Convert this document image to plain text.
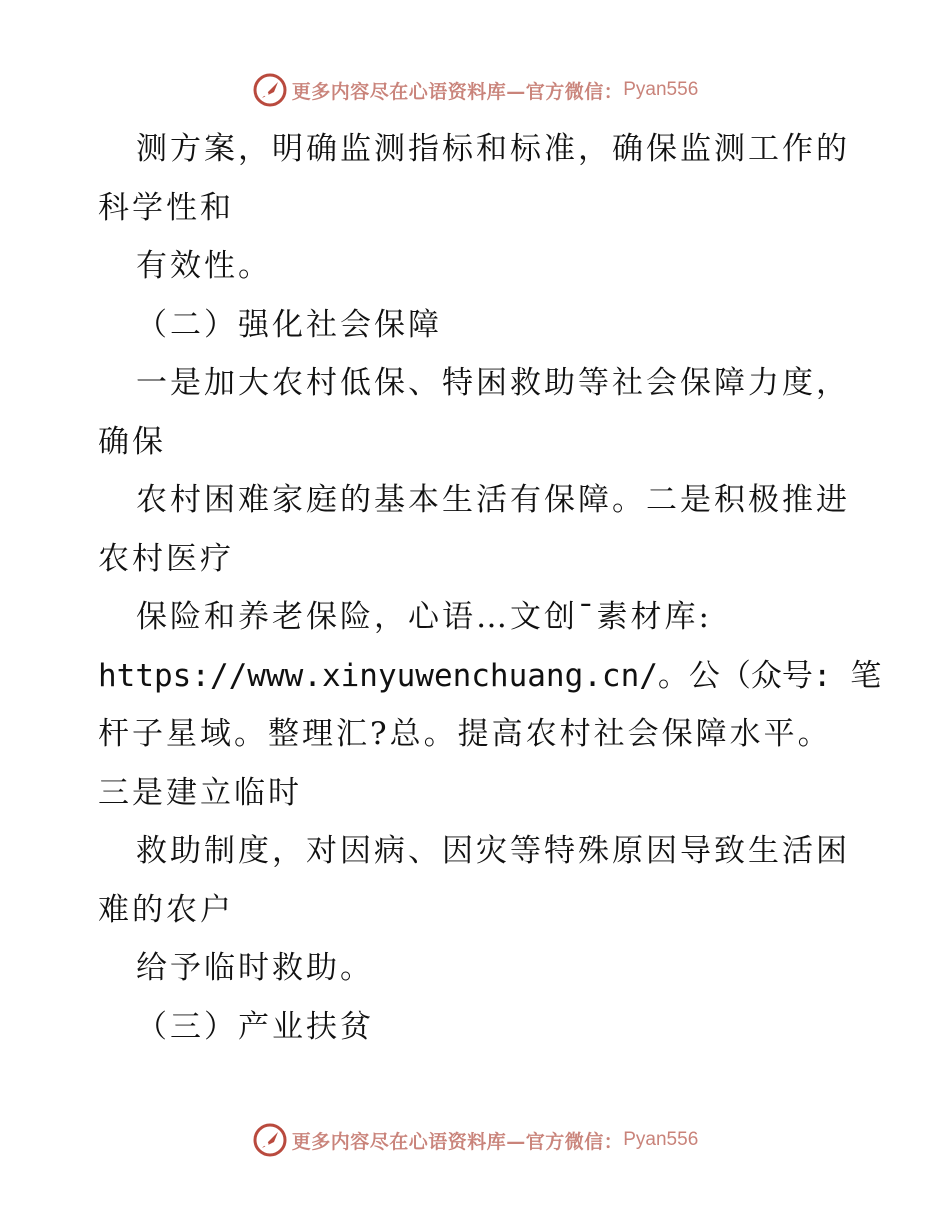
更多内容尽在心语资料库—官方微信： Pyan556
测方案，明确监测指标和标准，确保监测工作的
科学性和
有效性。
（二）强化社会保障
一是加大农村低保、特困救助等社会保障力度，
确保
农村困难家庭的基本生活有保障。二是积极推进
农村医疗
保险和养老保险，心语…文创¯素材库:
https://www.xinyuwenchuang.cn/。公（众号: 笔
杆子星域。整理汇?总。提高农村社会保障水平。
三是建立临时
救助制度，对因病、因灾等特殊原因导致生活困
难的农户
给予临时救助。
（三）产业扶贫
更多内容尽在心语资料库—官方微信： Pyan556
